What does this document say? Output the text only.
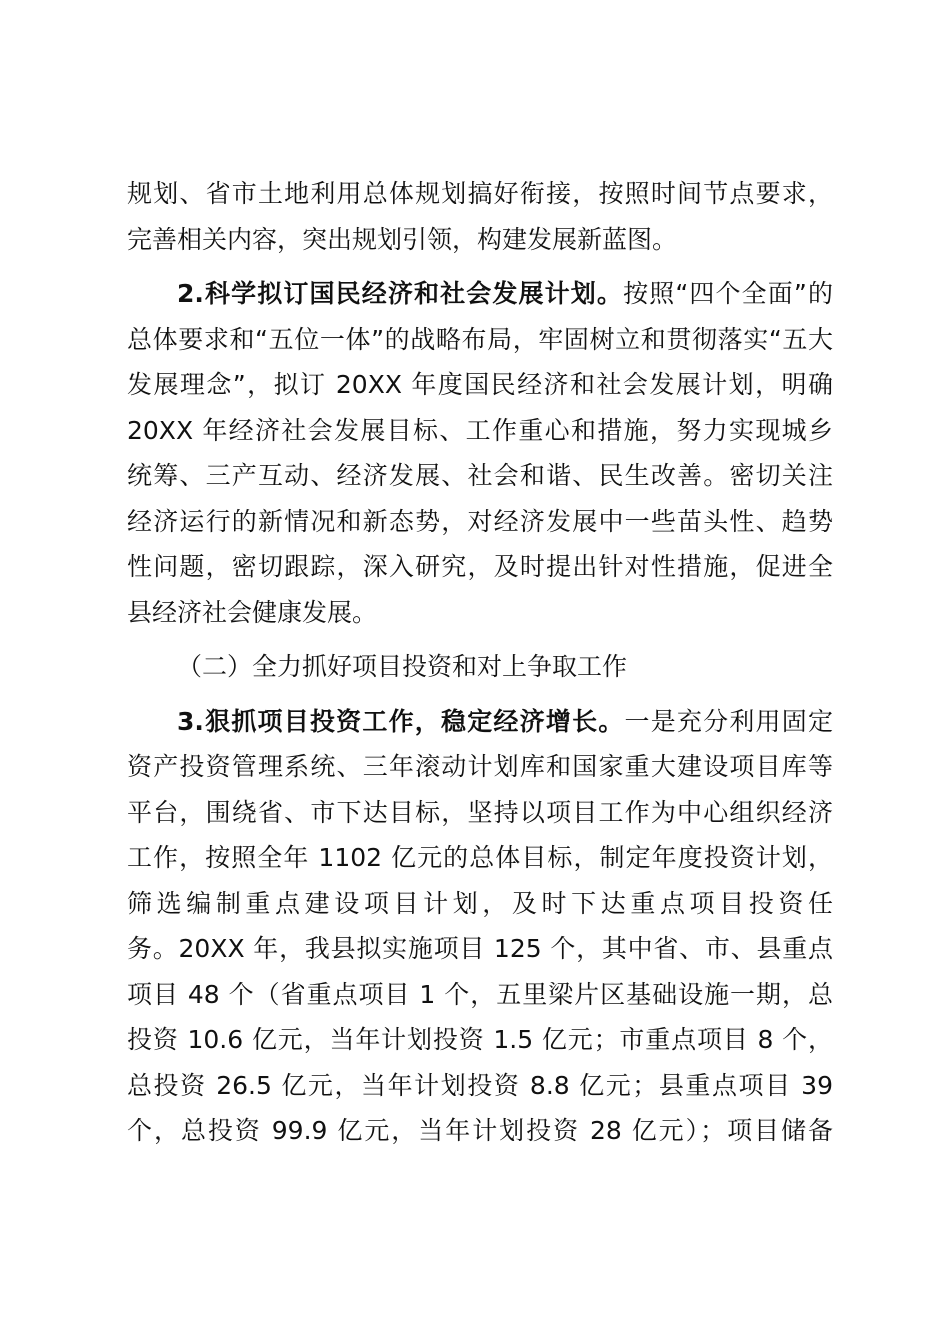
规划、省市土地利用总体规划搞好衔接，按照时间节点要求，
完善相关内容，突出规划引领，构建发展新蓝图。
2.科学拟订国民经济和社会发展计划。按照“四个全面”的
总体要求和“五位一体”的战略布局，牢固树立和贯彻落实“五大
发展理念”，拟订 20XX 年度国民经济和社会发展计划，明确
20XX 年经济社会发展目标、工作重心和措施，努力实现城乡
统筹、三产互动、经济发展、社会和谐、民生改善。密切关注
经济运行的新情况和新态势，对经济发展中一些苗头性、趋势
性问题，密切跟踪，深入研究，及时提出针对性措施，促进全
县经济社会健康发展。
（二）全力抓好项目投资和对上争取工作
3.狠抓项目投资工作，稳定经济增长。一是充分利用固定
资产投资管理系统、三年滚动计划库和国家重大建设项目库等
平台，围绕省、市下达目标，坚持以项目工作为中心组织经济
工作，按照全年 1102 亿元的总体目标，制定年度投资计划，
筛选编制重点建设项目计划，及时下达重点项目投资任
务。20XX 年，我县拟实施项目 125 个，其中省、市、县重点
项目 48 个（省重点项目 1 个，五里梁片区基础设施一期，总
投资 10.6 亿元，当年计划投资 1.5 亿元；市重点项目 8 个，
总投资 26.5 亿元，当年计划投资 8.8 亿元；县重点项目 39
个，总投资 99.9 亿元，当年计划投资 28 亿元）；项目储备
